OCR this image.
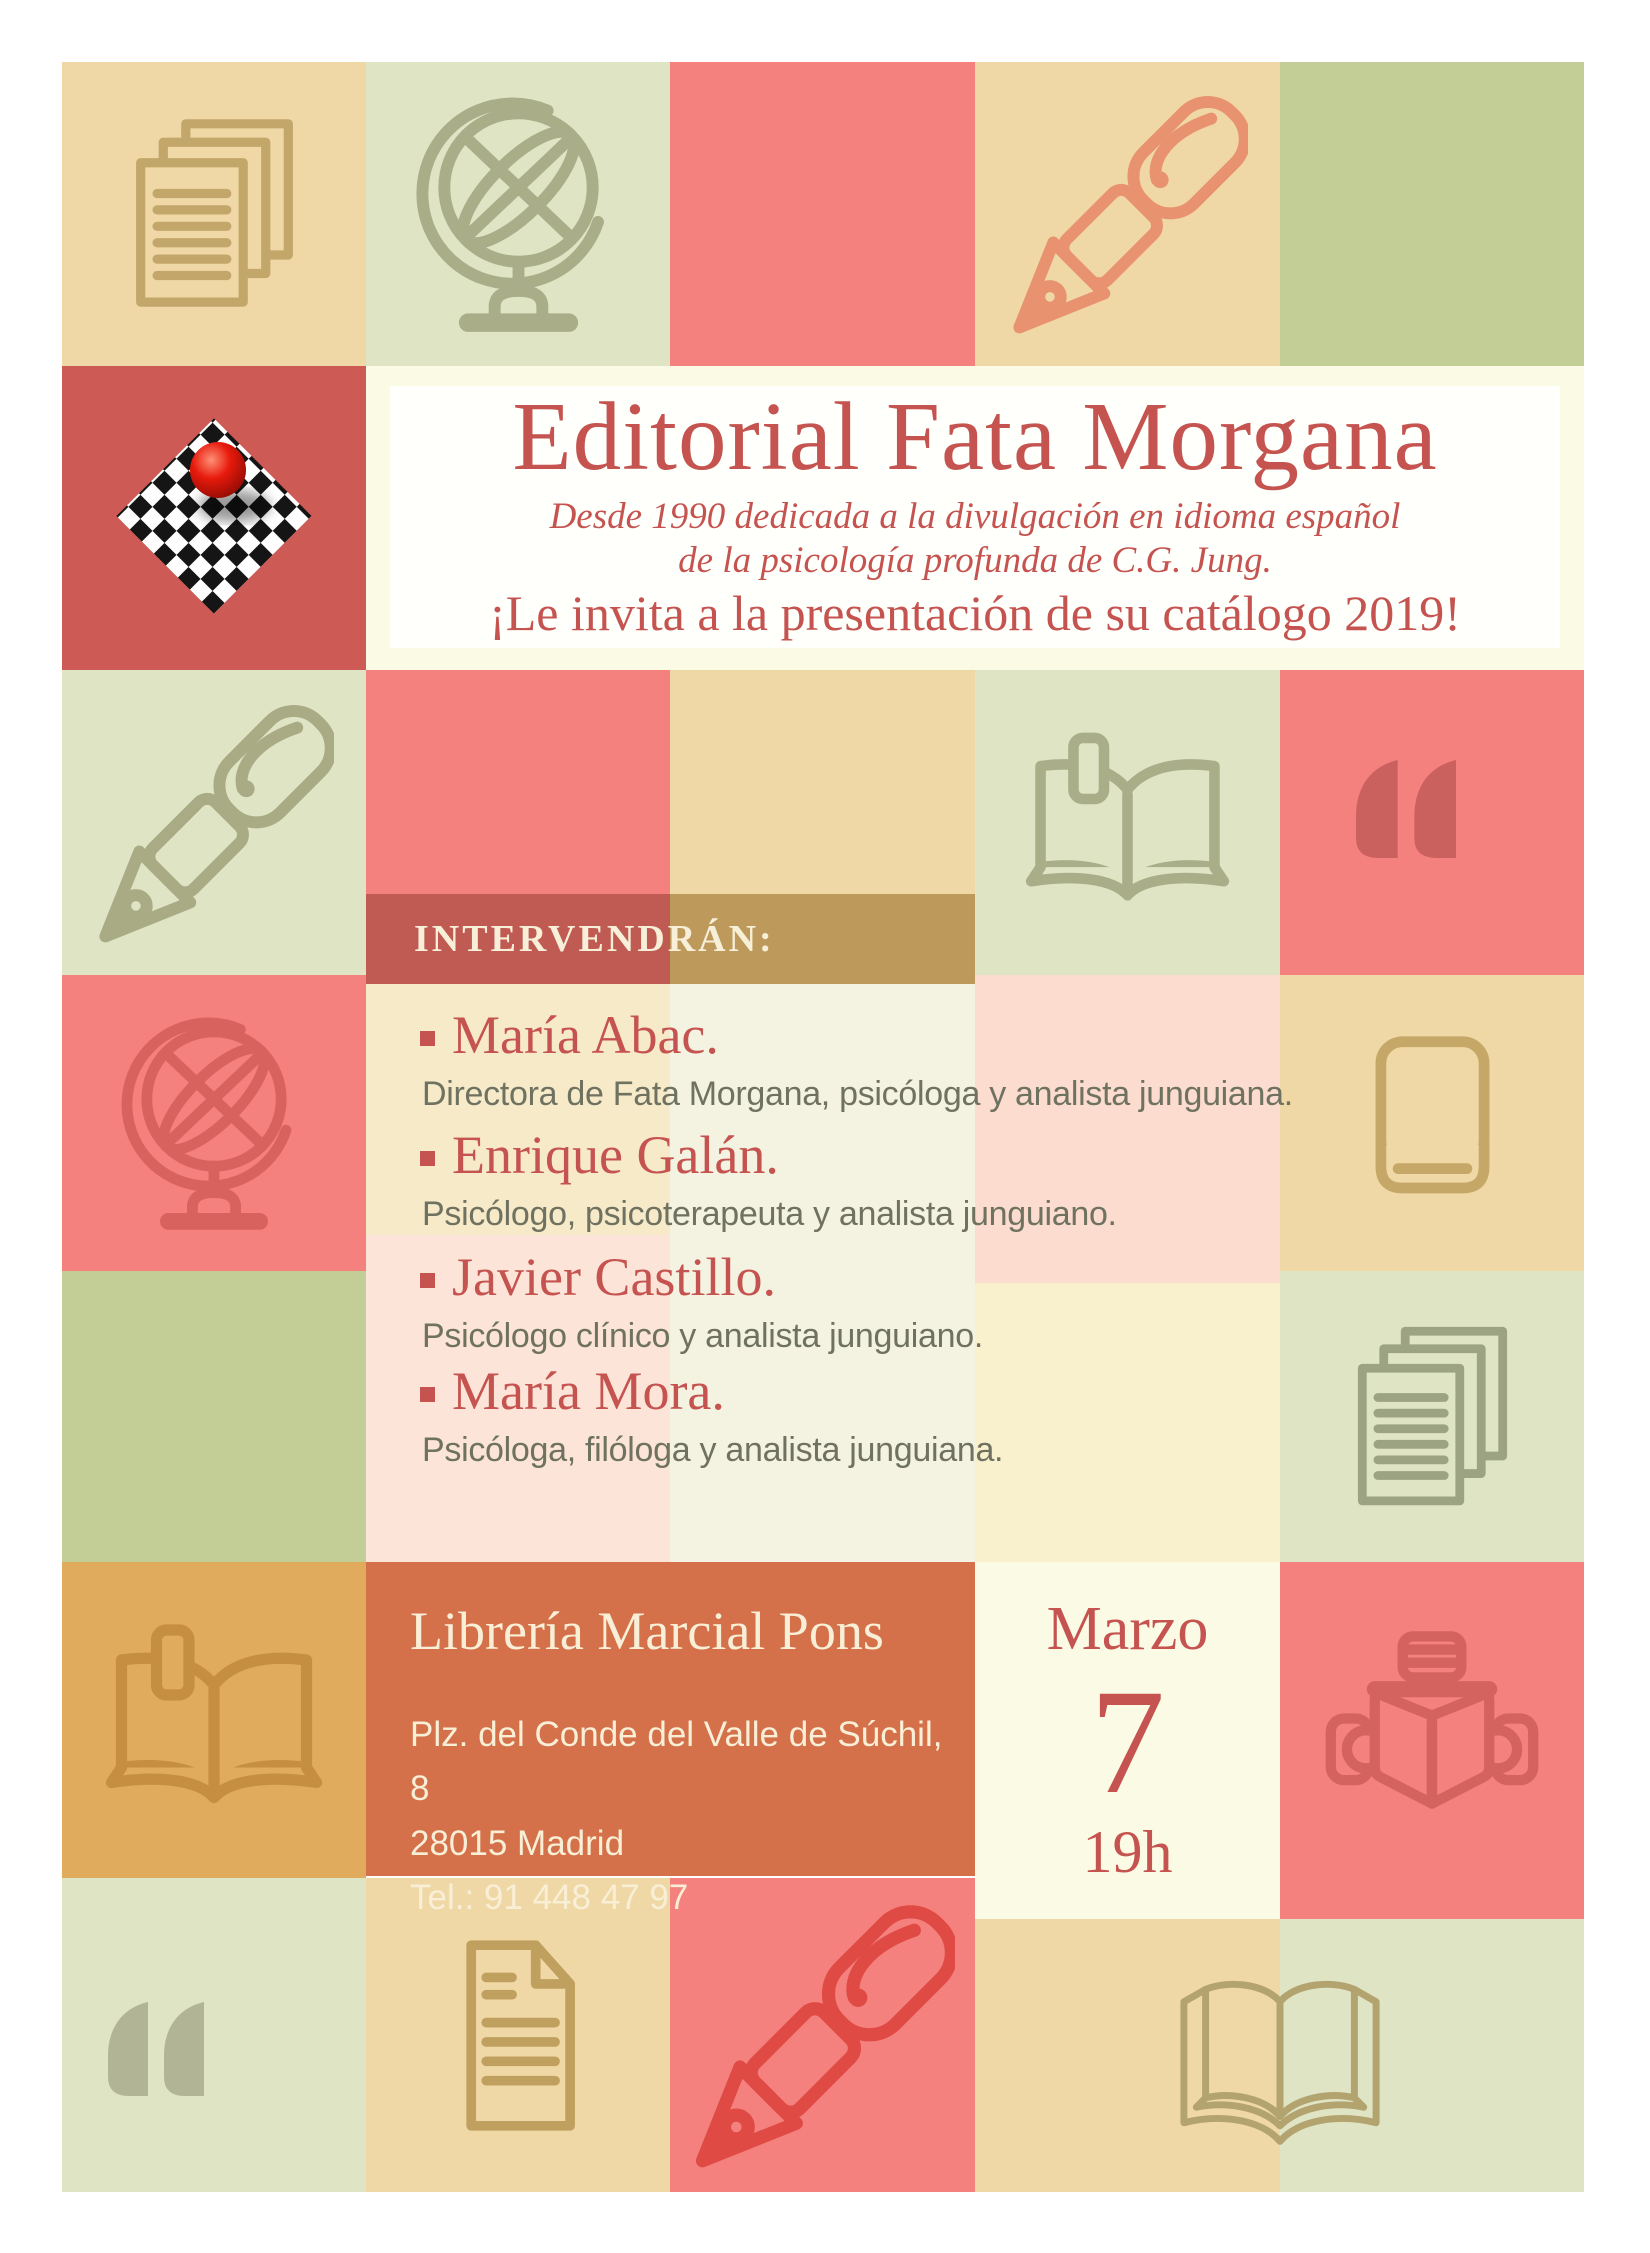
Editorial Fata Morgana
Desde 1990 dedicada a la divulgación en idioma español
de la psicología profunda de C.G. Jung.
¡Le invita a la presentación de su catálogo 2019!
INTERVENDRÁN:
María Abac.
Directora de Fata Morgana, psicóloga y analista junguiana.
Enrique Galán.
Psicólogo, psicoterapeuta y analista junguiano.
Javier Castillo.
Psicólogo clínico y analista junguiano.
María Mora.
Psicóloga, filóloga y analista junguiana.
Librería Marcial Pons
Plz. del Conde del Valle de Súchil, 8
28015 Madrid
Tel.: 91 448 47 97
Marzo
7
19h
